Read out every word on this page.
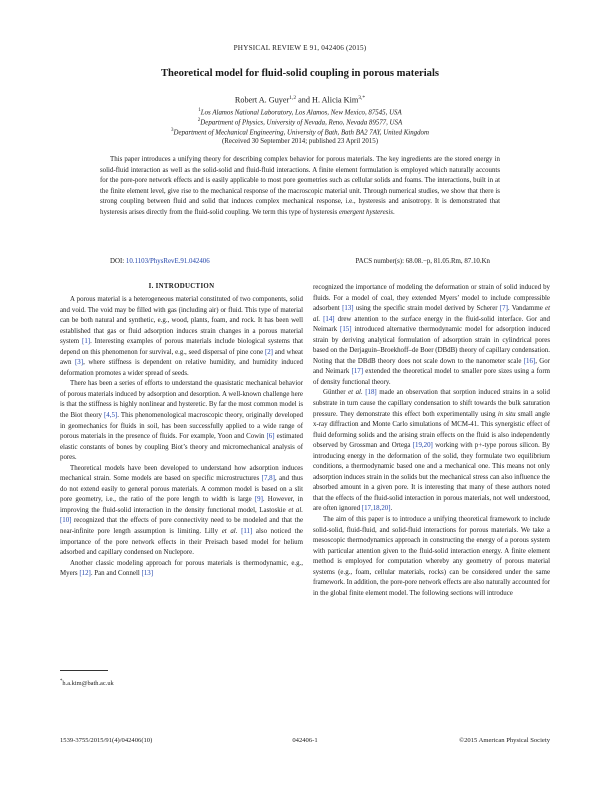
PHYSICAL REVIEW E 91, 042406 (2015)
Theoretical model for fluid-solid coupling in porous materials
Robert A. Guyer$^{1,2}$ and H. Alicia Kim$^{3,*}$
$^1$Los Alamos National Laboratory, Los Alamos, New Mexico, 87545, USA
$^2$Department of Physics, University of Nevada, Reno, Nevada 89577, USA
$^3$Department of Mechanical Engineering, University of Bath, Bath BA2 7AY, United Kingdom
(Received 30 September 2014; published 23 April 2015)
This paper introduces a unifying theory for describing complex behavior for porous materials. The key ingredients are the stored energy in solid-fluid interaction as well as the solid-solid and fluid-fluid interactions. A finite element formulation is employed which naturally accounts for the pore-pore network effects and is easily applicable to most pore geometries such as cellular solids and foams. The interactions, built in at the finite element level, give rise to the mechanical response of the macroscopic material unit. Through numerical studies, we show that there is strong coupling between fluid and solid that induces complex mechanical response, i.e., hysteresis and anisotropy. It is demonstrated that hysteresis arises directly from the fluid-solid coupling. We term this type of hysteresis emergent hysteresis.
DOI: 10.1103/PhysRevE.91.042406	PACS number(s): 68.08.−p, 81.05.Rm, 87.10.Kn
I. INTRODUCTION

A porous material is a heterogeneous material constituted of two components, solid and void. The void may be filled with gas (including air) or fluid. This type of material can be both natural and synthetic, e.g., wood, plants, foam, and rock. It has been well established that gas or fluid adsorption induces strain changes in a porous material system [1]. Interesting examples of porous materials include biological systems that depend on this phenomenon for survival, e.g., seed dispersal of pine cone [2] and wheat awn [3], where stiffness is dependent on relative humidity, and humidity induced deformation promotes a wider spread of seeds.

There has been a series of efforts to understand the quasistatic mechanical behavior of porous materials induced by adsorption and desorption. A well-known challenge here is that the stiffness is highly nonlinear and hysteretic. By far the most common model is the Biot theory [4,5]. This phenomenological macroscopic theory, originally developed in geomechanics for fluids in soil, has been successfully applied to a wide range of porous materials in the presence of fluids. For example, Yoon and Cowin [6] estimated elastic constants of bones by coupling Biot’s theory and micromechanical analysis of pores.

Theoretical models have been developed to understand how adsorption induces mechanical strain. Some models are based on specific microstructures [7,8], and thus do not extend easily to general porous materials. A common model is based on a slit pore geometry, i.e., the ratio of the pore length to width is large [9]. However, in improving the fluid-solid interaction in the density functional model, Lastoskie et al. [10] recognized that the effects of pore connectivity need to be modeled and that the near-infinite pore length assumption is limiting. Lilly et al. [11] also noticed the importance of the pore network effects in their Preisach based model for helium adsorbed and capillary condensed on Nuclepore.

Another classic modeling approach for porous materials is thermodynamic, e.g., Myers [12]. Pan and Connell [13]

recognized the importance of modeling the deformation or strain of solid induced by fluids. For a model of coal, they extended Myers’ model to include compressible adsorbent [13] using the specific strain model derived by Scherer [7]. Vandamme et al. [14] drew attention to the surface energy in the fluid-solid interface. Gor and Neimark [15] introduced alternative thermodynamic model for adsorption induced strain by deriving analytical formulation of adsorption strain in cylindrical pores based on the Derjaguin–Broekhoff–de Boer (DBdB) theory of capillary condensation. Noting that the DBdB theory does not scale down to the nanometer scale [16], Gor and Neimark [17] extended the theoretical model to smaller pore sizes using a form of density functional theory.

Günther et al. [18] made an observation that sorption induced strains in a solid substrate in turn cause the capillary condensation to shift towards the bulk saturation pressure. They demonstrate this effect both experimentally using in situ small angle x-ray diffraction and Monte Carlo simulations of MCM-41. This synergistic effect of fluid deforming solids and the arising strain effects on the fluid is also independently observed by Grossman and Ortega [19,20] working with p+-type porous silicon. By introducing energy in the deformation of the solid, they formulate two equilibrium conditions, a thermodynamic based one and a mechanical one. This means not only adsorption induces strain in the solids but the mechanical stress can also influence the absorbed amount in a given pore. It is interesting that many of these authors noted that the effects of the fluid-solid interaction in porous materials, not well understood, are often ignored [17,18,20].

The aim of this paper is to introduce a unifying theoretical framework to include solid-solid, fluid-fluid, and solid-fluid interactions for porous materials. We take a mesoscopic thermodynamics approach in constructing the energy of a porous system with particular attention given to the fluid-solid interaction energy. A finite element method is employed for computation whereby any geometry of porous material systems (e.g., foam, cellular materials, rocks) can be considered under the same framework. In addition, the pore-pore network effects are also naturally accounted for in the global finite element model. The following sections will introduce

*h.a.kim@bath.ac.uk
1539-3755/2015/91(4)/042406(10)	042406-1	©2015 American Physical Society
